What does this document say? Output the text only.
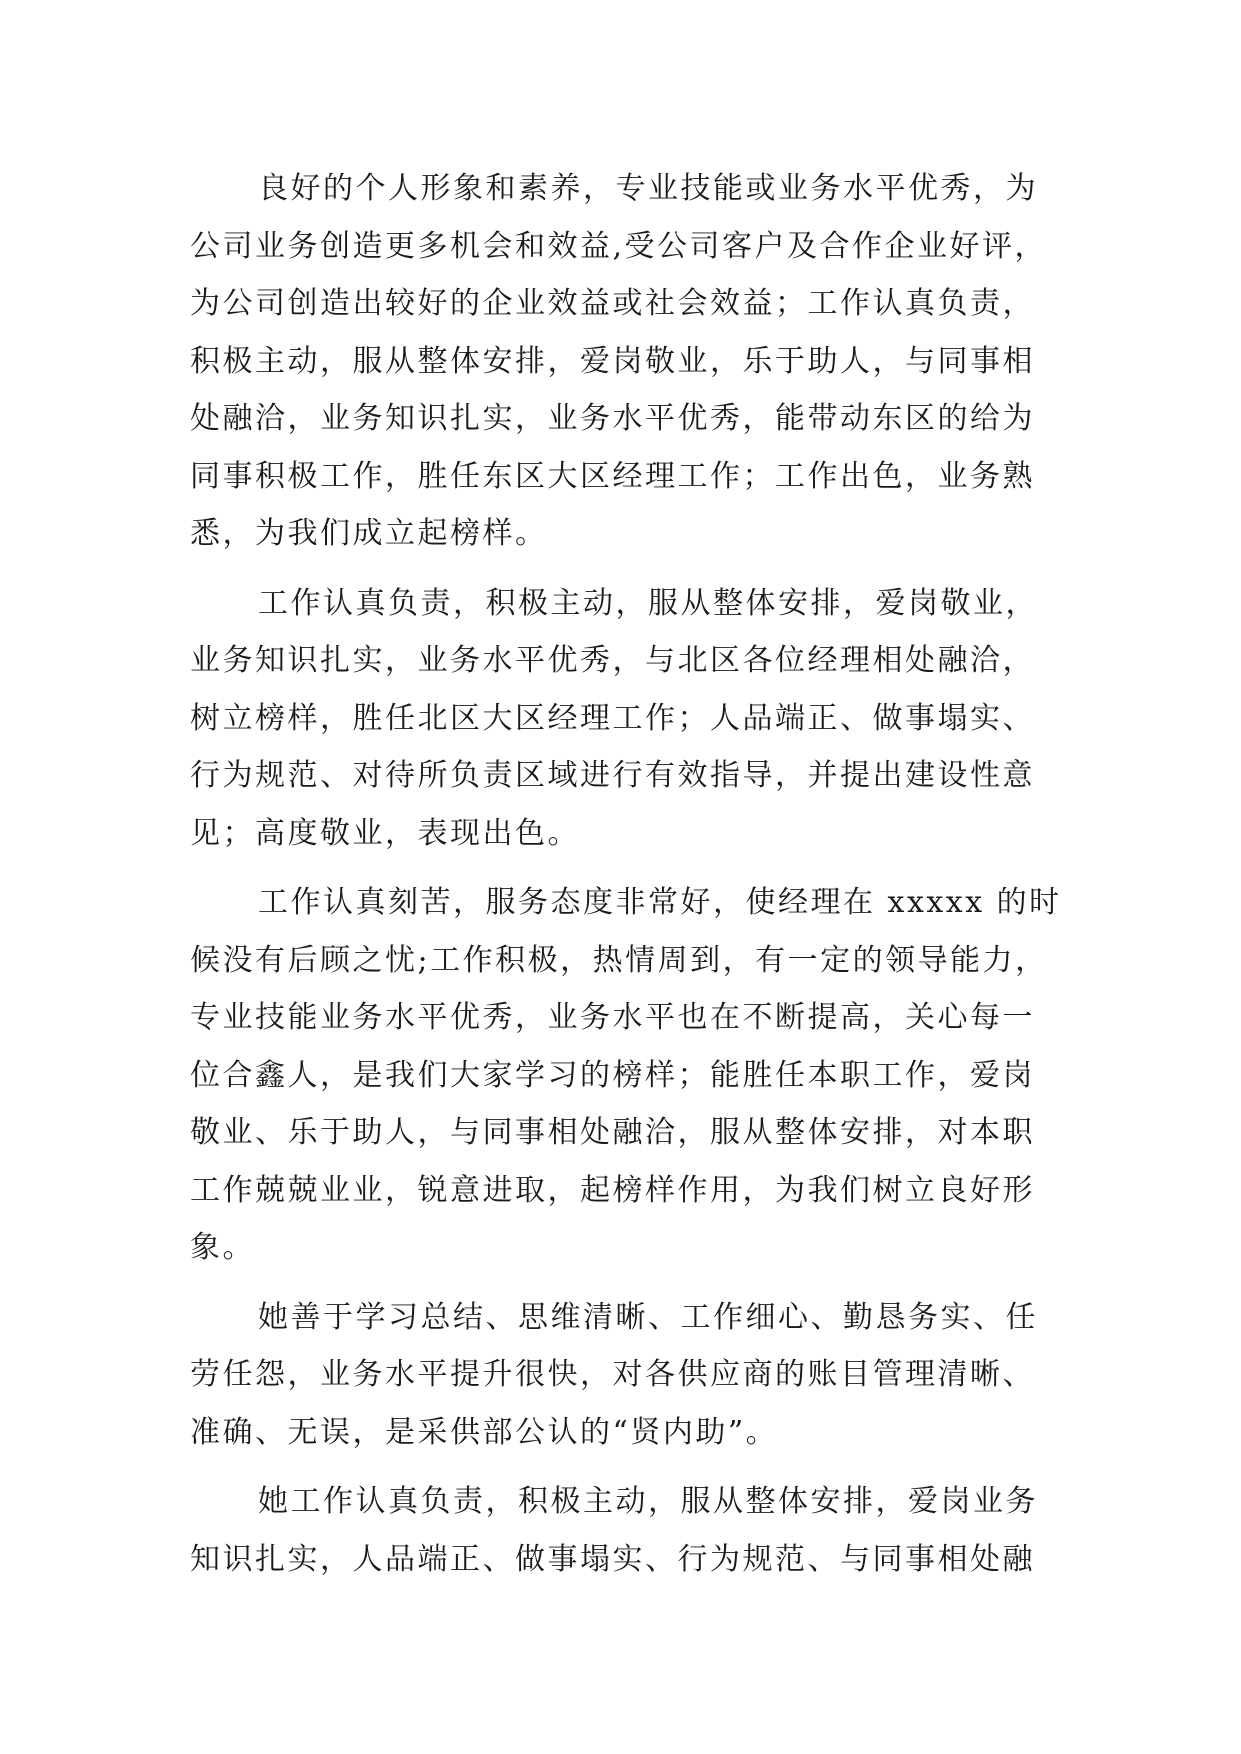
良好的个人形象和素养，专业技能或业务水平优秀，为
公司业务创造更多机会和效益,受公司客户及合作企业好评，
为公司创造出较好的企业效益或社会效益；工作认真负责，
积极主动，服从整体安排，爱岗敬业，乐于助人，与同事相
处融洽，业务知识扎实，业务水平优秀，能带动东区的给为
同事积极工作，胜任东区大区经理工作；工作出色，业务熟
悉，为我们成立起榜样。
工作认真负责，积极主动，服从整体安排，爱岗敬业，
业务知识扎实，业务水平优秀，与北区各位经理相处融洽，
树立榜样，胜任北区大区经理工作；人品端正、做事塌实、
行为规范、对待所负责区域进行有效指导，并提出建设性意
见；高度敬业，表现出色。
工作认真刻苦，服务态度非常好，使经理在 xxxxx 的时
候没有后顾之忧;工作积极，热情周到，有一定的领导能力，
专业技能业务水平优秀，业务水平也在不断提高，关心每一
位合鑫人，是我们大家学习的榜样；能胜任本职工作，爱岗
敬业、乐于助人，与同事相处融洽，服从整体安排，对本职
工作兢兢业业，锐意进取，起榜样作用，为我们树立良好形
象。
她善于学习总结、思维清晰、工作细心、勤恳务实、任
劳任怨，业务水平提升很快，对各供应商的账目管理清晰、
准确、无误，是采供部公认的“贤内助”。
她工作认真负责，积极主动，服从整体安排，爱岗业务
知识扎实，人品端正、做事塌实、行为规范、与同事相处融
